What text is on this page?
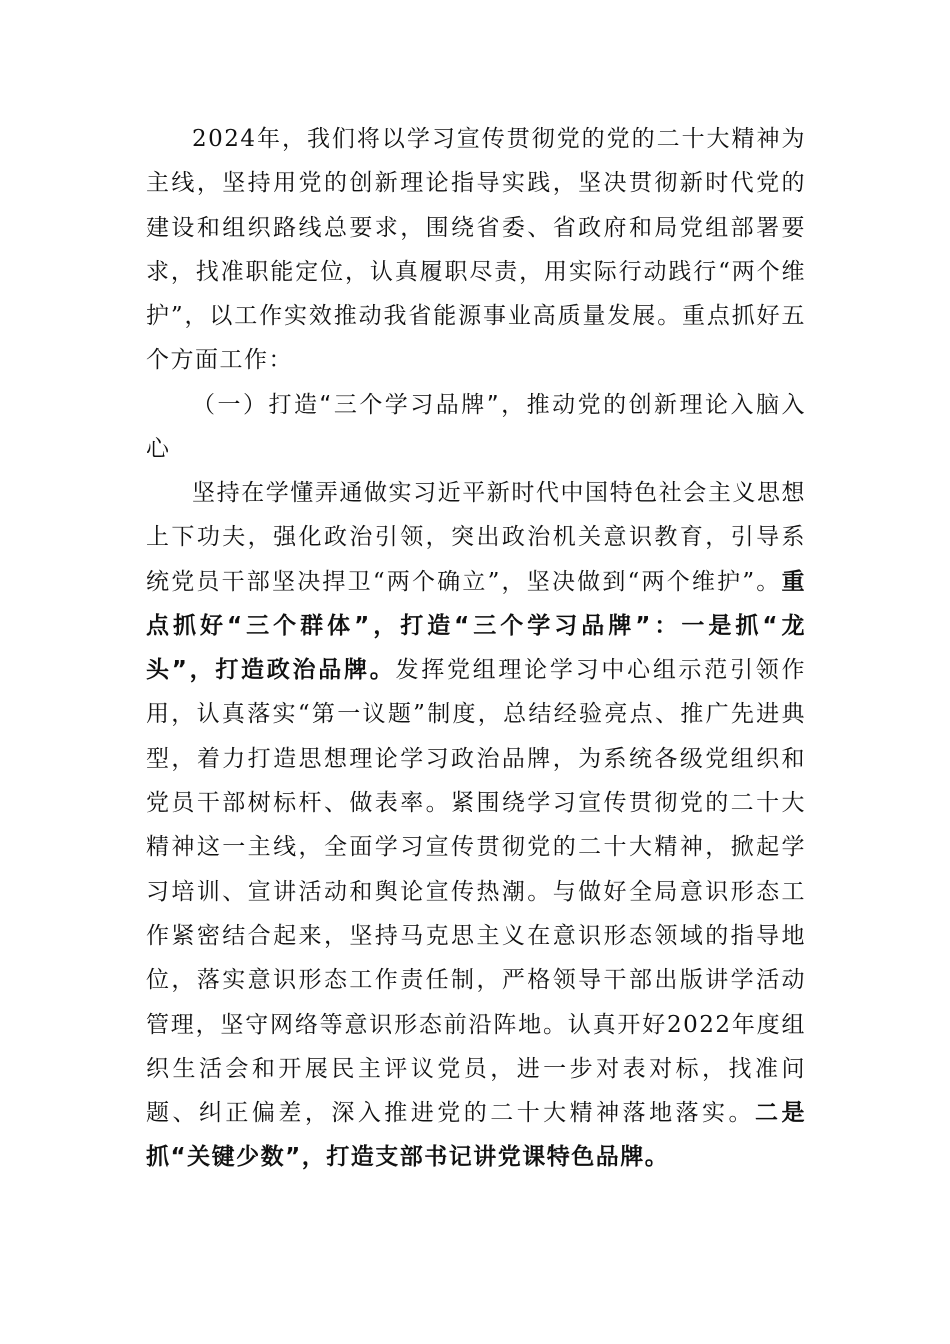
2024年，我们将以学习宣传贯彻党的党的二十大精神为主线，坚持用党的创新理论指导实践，坚决贯彻新时代党的建设和组织路线总要求，围绕省委、省政府和局党组部署要求，找准职能定位，认真履职尽责，用实际行动践行“两个维护”，以工作实效推动我省能源事业高质量发展。重点抓好五个方面工作：

（一）打造“三个学习品牌”，推动党的创新理论入脑入心

坚持在学懂弄通做实习近平新时代中国特色社会主义思想上下功夫，强化政治引领，突出政治机关意识教育，引导系统党员干部坚决捍卫“两个确立”，坚决做到“两个维护”。重点抓好“三个群体”，打造“三个学习品牌”：一是抓“龙头”，打造政治品牌。发挥党组理论学习中心组示范引领作用，认真落实“第一议题”制度，总结经验亮点、推广先进典型，着力打造思想理论学习政治品牌，为系统各级党组织和党员干部树标杆、做表率。紧围绕学习宣传贯彻党的二十大精神这一主线，全面学习宣传贯彻党的二十大精神，掀起学习培训、宣讲活动和舆论宣传热潮。与做好全局意识形态工作紧密结合起来，坚持马克思主义在意识形态领域的指导地位，落实意识形态工作责任制，严格领导干部出版讲学活动管理，坚守网络等意识形态前沿阵地。认真开好2022年度组织生活会和开展民主评议党员，进一步对表对标，找准问题、纠正偏差，深入推进党的二十大精神落地落实。二是抓“关键少数”，打造支部书记讲党课特色品牌。
